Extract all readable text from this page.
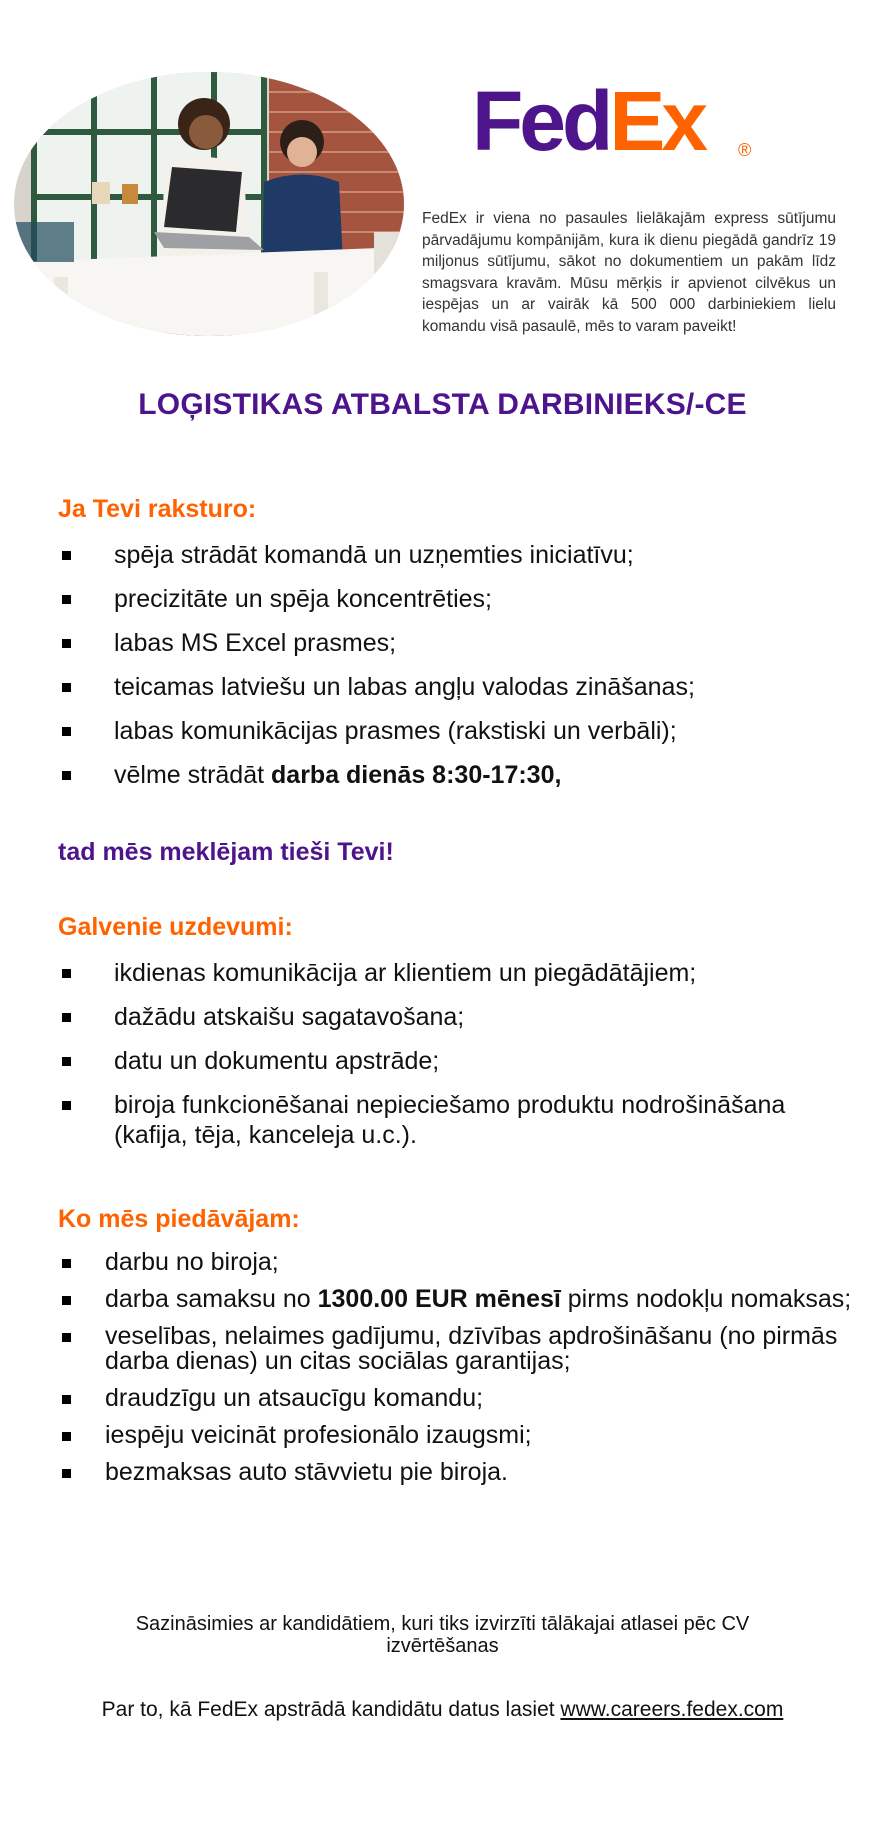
FedEx ®

FedEx ir viena no pasaules lielākajām express sūtījumu pārvadājumu kompānijām, kura ik dienu piegādā gandrīz 19 miljonus sūtījumu, sākot no dokumentiem un pakām līdz smagsvara kravām. Mūsu mērķis ir apvienot cilvēkus un iespējas un ar vairāk kā 500 000 darbiniekiem lielu komandu visā pasaulē, mēs to varam paveikt!

LOĢISTIKAS ATBALSTA DARBINIEKS/-CE
Ja Tevi raksturo:
spēja strādāt komandā un uzņemties iniciatīvu;
precizitāte un spēja koncentrēties;
labas MS Excel prasmes;
teicamas latviešu un labas angļu valodas zināšanas;
labas komunikācijas prasmes (rakstiski un verbāli);
vēlme strādāt darba dienās 8:30-17:30,
tad mēs meklējam tieši Tevi!
Galvenie uzdevumi:
ikdienas komunikācija ar klientiem un piegādātājiem;
dažādu atskaišu sagatavošana;
datu un dokumentu apstrāde;
biroja funkcionēšanai nepieciešamo produktu nodrošināšana (kafija, tēja, kanceleja u.c.).
Ko mēs piedāvājam:
darbu no biroja;
darba samaksu no 1300.00 EUR mēnesī pirms nodokļu nomaksas;
veselības, nelaimes gadījumu, dzīvības apdrošināšanu (no pirmās darba dienas) un citas sociālas garantijas;
draudzīgu un atsaucīgu komandu;
iespēju veicināt profesionālo izaugsmi;
bezmaksas auto stāvvietu pie biroja.
Sazināsimies ar kandidātiem, kuri tiks izvirzīti tālākajai atlasei pēc CV izvērtēšanas
Par to, kā FedEx apstrādā kandidātu datus lasiet www.careers.fedex.com
